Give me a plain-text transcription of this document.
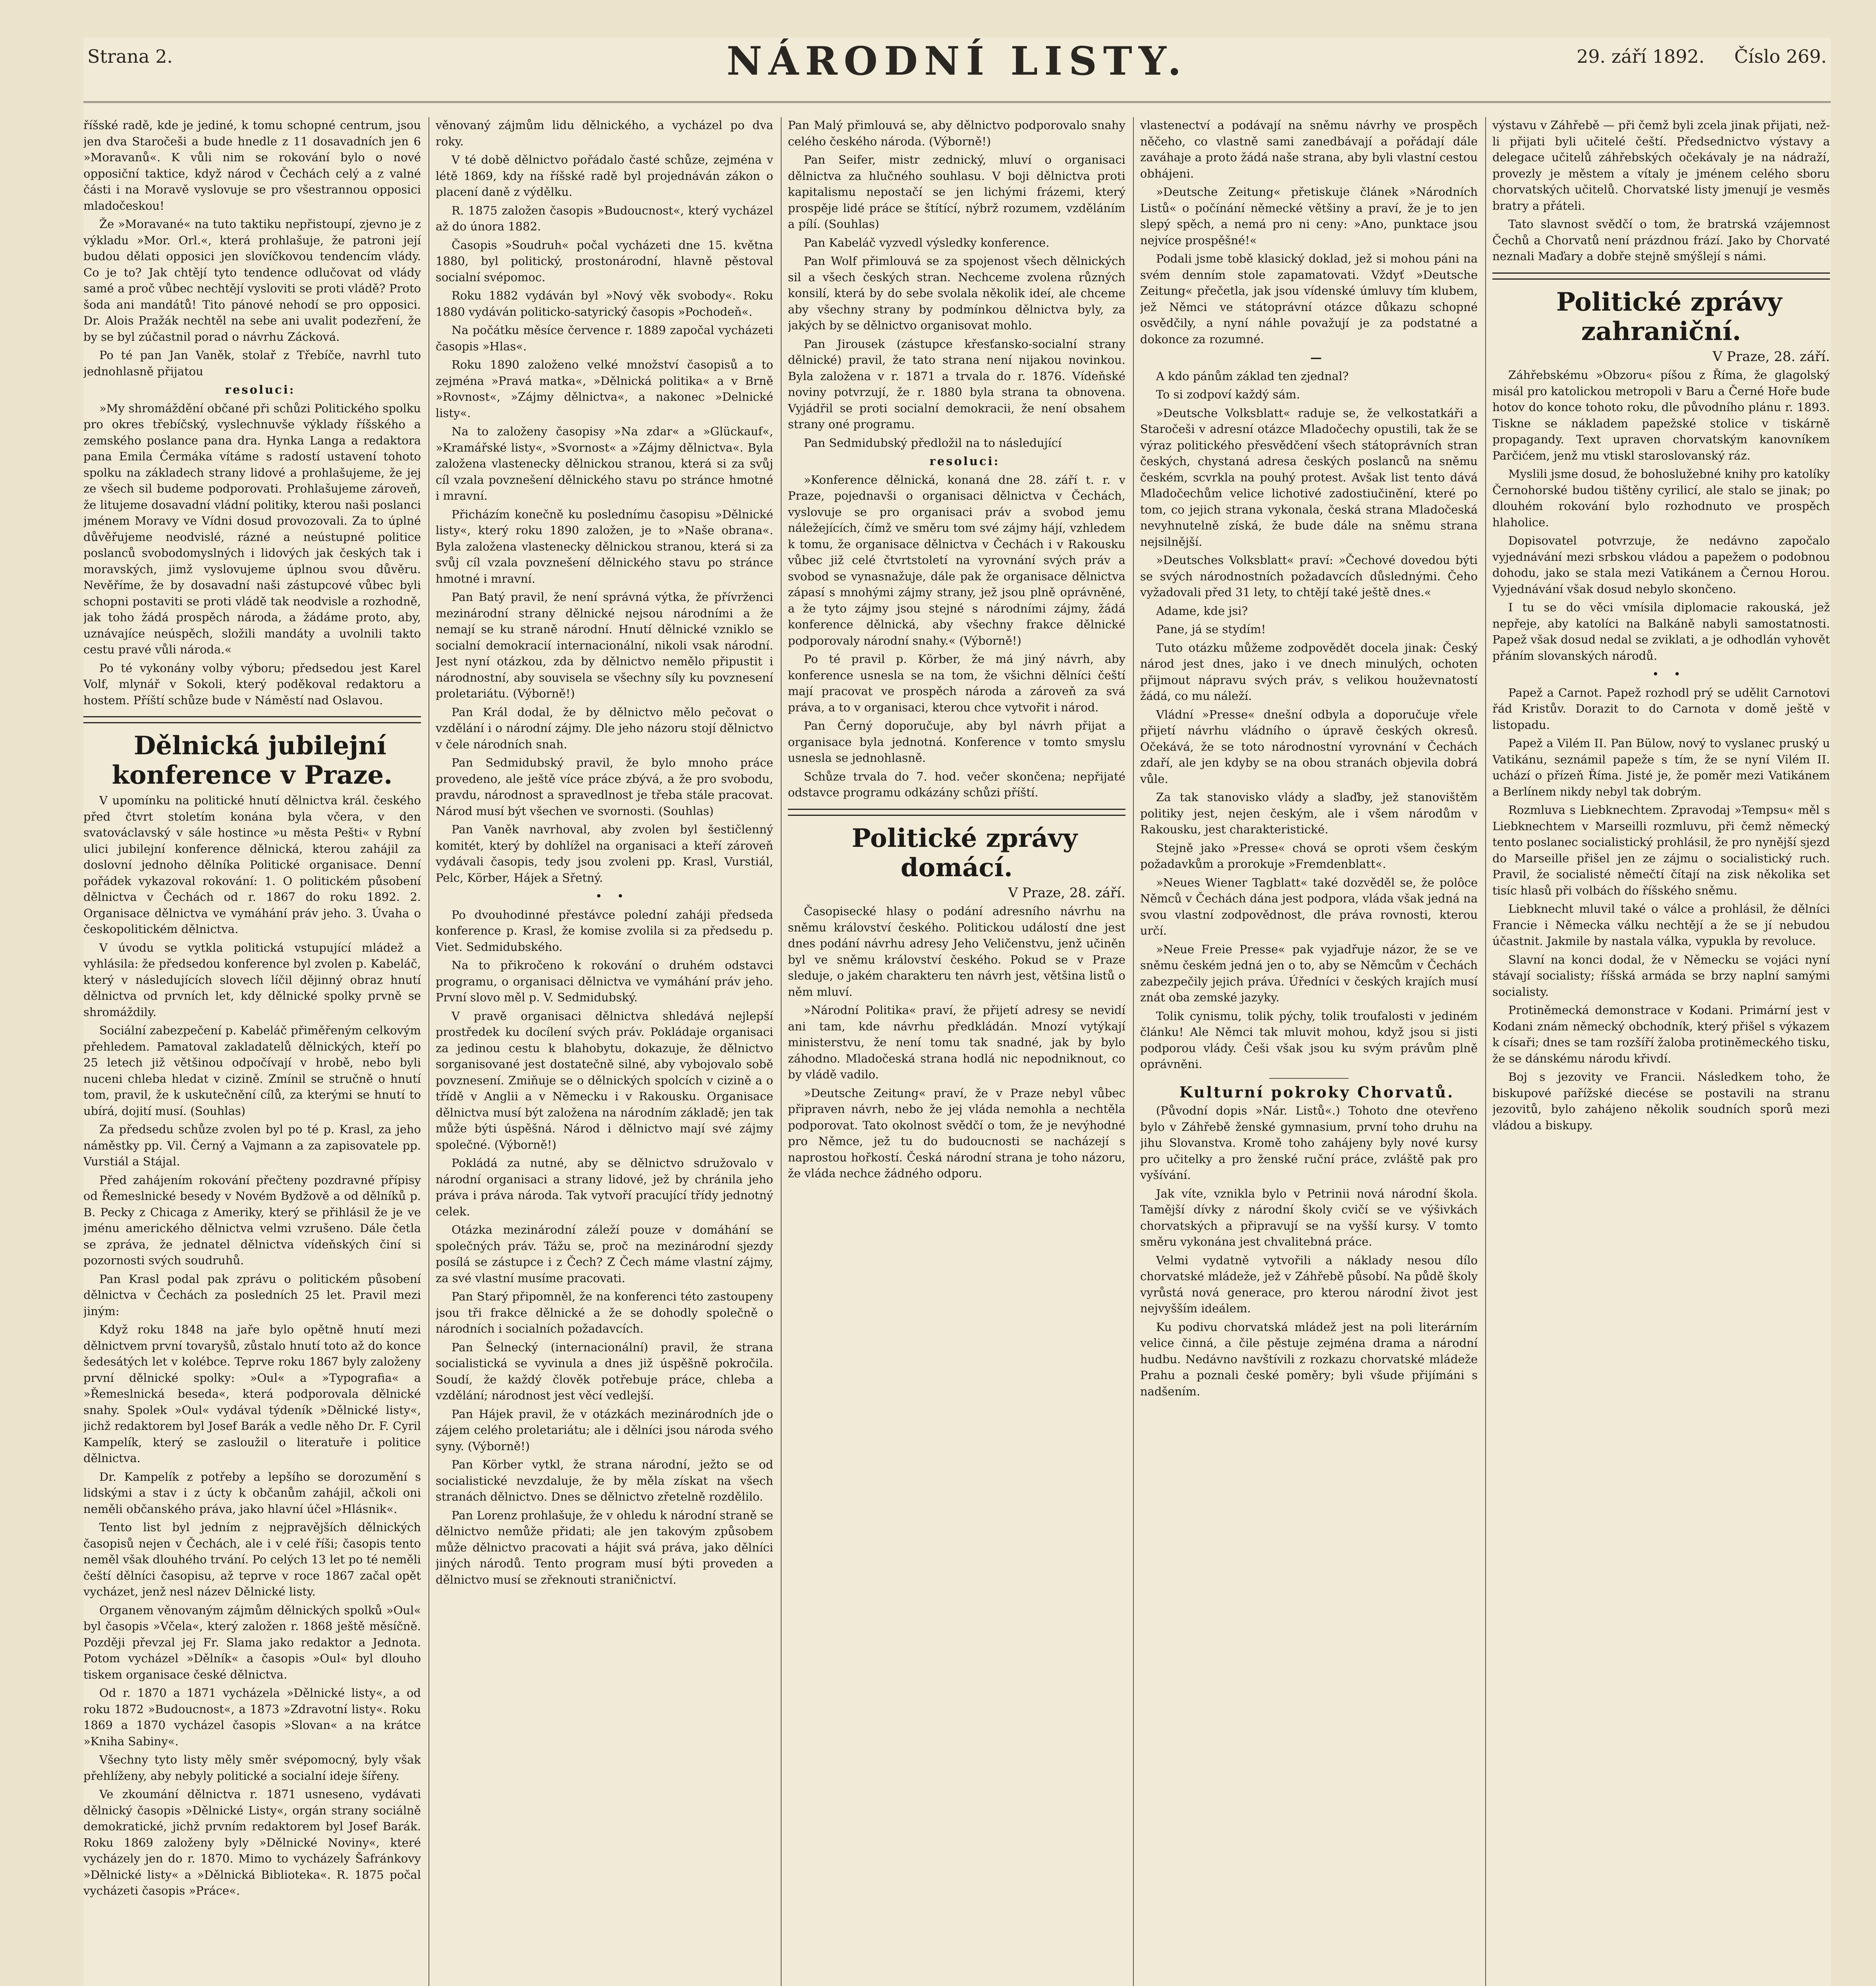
Strana 2.	NÁRODNÍ LISTY.	29. září 1892. Číslo 269.

říšské radě, kde je jediné, k tomu schopné centrum, jsou jen dva Staročeši a bude hnedle z 11 dosavadních jen 6 »Moravanů«. K vůli nim se rokování bylo o nové opposiční taktice, když národ v Čechách celý a z valné části i na Moravě vyslovuje se pro všestrannou opposici mladočeskou!

Že »Moravané« na tuto taktiku nepřistoupí, zjevno je z výkladu »Mor. Orl.«, která prohlašuje, že patroni její budou dělati opposici jen slovíčkovou tendencím vlády. Co je to? Jak chtějí tyto tendence odlučovat od vlády samé a proč vůbec nechtějí vysloviti se proti vládě? Proto šoda ani mandátů! Tito pánové nehodí se pro opposici. Dr. Alois Pražák nechtěl na sebe ani uvalit podezření, že by se byl zúčastnil porad o návrhu Zácková.

Po té pan Jan Vaněk, stolař z Třebíče, navrhl tuto jednohlasně přijatou

resoluci:

»My shromáždění občané při schůzi Politického spolku pro okres třebíčský, vyslechnuvše výklady říšského a zemského poslance pana dra. Hynka Langa a redaktora pana Emila Čermáka vítáme s radostí ustavení tohoto spolku na základech strany lidové a prohlašujeme, že jej ze všech sil budeme podporovati. Prohlašujeme zároveň, že litujeme dosavadní vládní politiky, kterou naši poslanci jménem Moravy ve Vídni dosud provozovali. Za to úplné důvěřujeme neodvislé, rázné a neústupné politice poslanců svobodomyslných i lidových jak českých tak i moravských, jimž vyslovujeme úplnou svou důvěru. Nevěříme, že by dosavadní naši zástupcové vůbec byli schopni postaviti se proti vládě tak neodvisle a rozhodně, jak toho žádá prospěch národa, a žádáme proto, aby, uznávajíce neúspěch, složili mandáty a uvolnili takto cestu pravé vůli národa.«

Po té vykonány volby výboru; předsedou jest Karel Volf, mlynář v Sokoli, který poděkoval redaktoru a hostem. Příští schůze bude v Náměstí nad Oslavou.

Dělnická jubilejní konference v Praze.

V upomínku na politické hnutí dělnictva král. českého před čtvrt stoletím konána byla včera, v den svatováclavský v sále hostince »u města Pešti« v Rybní ulici jubilejní konference dělnická, kterou zahájil za doslovní jednoho dělníka Politické organisace. Denní pořádek vykazoval rokování: 1. O politickém působení dělnictva v Čechách od r. 1867 do roku 1892. 2. Organisace dělnictva ve vymáhání práv jeho. 3. Úvaha o českopolitickém dělnictva.

V úvodu se vytkla politická vstupující mládež a vyhlásila: že předsedou konference byl zvolen p. Kabeláč, který v následujících slovech líčil dějinný obraz hnutí dělnictva od prvních let, kdy dělnické spolky prvně se shromáždily.

Sociální zabezpečení p. Kabeláč přiměřeným celkovým přehledem. Pamatoval zakladatelů dělnických, kteří po 25 letech již většinou odpočívají v hrobě, nebo byli nuceni chleba hledat v cizině. Zmínil se stručně o hnutí tom, pravil, že k uskutečnění cílů, za kterými se hnutí to ubírá, dojití musí. (Souhlas)

Za předsedu schůze zvolen byl po té p. Krasl, za jeho náměstky pp. Vil. Černý a Vajmann a za zapisovatele pp. Vurstiál a Stájal.

Před zahájením rokování přečteny pozdravné přípisy od Řemeslnické besedy v Novém Bydžově a od dělníků p. B. Pecky z Chicaga z Ameriky, který se přihlásil že je ve jménu amerického dělnictva velmi vzrušeno. Dále četla se zpráva, že jednatel dělnictva vídeňských činí si pozornosti svých soudruhů.

Pan Krasl podal pak zprávu o politickém působení dělnictva v Čechách za posledních 25 let. Pravil mezi jiným:

Když roku 1848 na jaře bylo opětně hnutí mezi dělnictvem první tovaryšů, zůstalo hnutí toto až do konce šedesátých let v kolébce. Teprve roku 1867 byly založeny první dělnické spolky: »Oul« a »Typografia« a »Řemeslnická beseda«, která podporovala dělnické snahy. Spolek »Oul« vydával týdeník »Dělnické listy«, jichž redaktorem byl Josef Barák a vedle něho Dr. F. Cyril Kampelík, který se zasloužil o literatuře i politice dělnictva.

Dr. Kampelík z potřeby a lepšího se dorozumění s lidskými a stav i z úcty k občanům zahájil, ačkoli oni neměli občanského práva, jako hlavní účel »Hlásnik«.

Tento list byl jedním z nejpravějších dělnických časopisů nejen v Čechách, ale i v celé říši; časopis tento neměl však dlouhého trvání. Po celých 13 let po té neměli čeští dělníci časopisu, až teprve v roce 1867 začal opět vycházet, jenž nesl název Dělnické listy.

Organem věnovaným zájmům dělnických spolků »Oul« byl časopis »Včela«, který založen r. 1868 ještě měsíčně. Později převzal jej Fr. Slama jako redaktor a Jednota. Potom vycházel »Dělník« a časopis »Oul« byl dlouho tiskem organisace české dělnictva.

Od r. 1870 a 1871 vycházela »Dělnické listy«, a od roku 1872 »Budoucnost«, a 1873 »Zdravotní listy«. Roku 1869 a 1870 vycházel časopis »Slovan« a na krátce »Kniha Sabiny«.

Všechny tyto listy měly směr svépomocný, byly však přehlíženy, aby nebyly politické a socialní ideje šířeny.

Ve zkoumání dělnictva r. 1871 usneseno, vydávati dělnický časopis »Dělnické Listy«, orgán strany sociálně demokratické, jichž prvním redaktorem byl Josef Barák. Roku 1869 založeny byly »Dělnické Noviny«, které vycházely jen do r. 1870. Mimo to vycházely Šafránkovy »Dělnické listy« a »Dělnická Biblioteka«. R. 1875 počal vycházeti časopis »Práce«.

věnovaný zájmům lidu dělnického, a vycházel po dva roky.

V té době dělnictvo pořádalo časté schůze, zejména v létě 1869, kdy na říšské radě byl projednáván zákon o placení daně z výdělku.

R. 1875 založen časopis »Budoucnost«, který vycházel až do února 1882.

Časopis »Soudruh« počal vycházeti dne 15. května 1880, byl politický, prostonárodní, hlavně pěstoval socialní svépomoc.

Roku 1882 vydáván byl »Nový věk svobody«. Roku 1880 vydáván politicko-satyrický časopis »Pochodeň«.

Na počátku měsíce července r. 1889 započal vycházeti časopis »Hlas«.

Roku 1890 založeno velké množství časopisů a to zejména »Pravá matka«, »Dělnická politika« a v Brně »Rovnost«, »Zájmy dělnictva«, a nakonec »Delnické listy«.

Na to založeny časopisy »Na zdar« a »Glückauf«, »Kramářské listy«, »Svornost« a »Zájmy dělnictva«. Byla založena vlastenecky dělnickou stranou, která si za svůj cíl vzala povznešení dělnického stavu po stránce hmotné i mravní.

Přicházím konečně ku poslednímu časopisu »Dělnické listy«, který roku 1890 založen, je to »Naše obrana«. Byla založena vlastenecky dělnickou stranou, která si za svůj cíl vzala povznešení dělnického stavu po stránce hmotné i mravní.

Pan Batý pravil, že není správná výtka, že přívrženci mezinárodní strany dělnické nejsou národními a že nemají se ku straně národní. Hnutí dělnické vzniklo se socialní demokracií internacionální, nikoli vsak národní. Jest nyní otázkou, zda by dělnictvo nemělo připustit i národnostní, aby souvisela se všechny síly ku povznesení proletariátu. (Výborně!)

Pan Král dodal, že by dělnictvo mělo pečovat o vzdělání i o národní zájmy. Dle jeho názoru stojí dělnictvo v čele národních snah.

Pan Sedmidubský pravil, že bylo mnoho práce provedeno, ale ještě více práce zbývá, a že pro svobodu, pravdu, národnost a spravedlnost je třeba stále pracovat. Národ musí být všechen ve svornosti. (Souhlas)

Pan Vaněk navrhoval, aby zvolen byl šestičlenný komitét, který by dohlížel na organisaci a kteří zároveň vydávali časopis, tedy jsou zvoleni pp. Krasl, Vurstiál, Pelc, Körber, Hájek a Sřetný.

• •

Po dvouhodinné přestávce polední zaháji předseda konference p. Krasl, že komise zvolila si za předsedu p. Viet. Sedmidubského.

Na to přikročeno k rokování o druhém odstavci programu, o organisaci dělnictva ve vymáhání práv jeho. První slovo měl p. V. Sedmidubský.

V pravě organisaci dělnictva shledává nejlepší prostředek ku docílení svých práv. Pokládaje organisaci za jedinou cestu k blahobytu, dokazuje, že dělnictvo sorganisované jest dostatečně silné, aby vybojovalo sobě povznesení. Zmiňuje se o dělnických spolcích v cizině a o třídě v Anglii a v Německu i v Rakousku. Organisace dělnictva musí být založena na národním základě; jen tak může býti úspěšná. Národ i dělnictvo mají své zájmy společné. (Výborně!)

Pokládá za nutné, aby se dělnictvo sdružovalo v národní organisaci a strany lidové, jež by chránila jeho práva i práva národa. Tak vytvoří pracující třídy jednotný celek.

Otázka mezinárodní záleží pouze v domáhání se společných práv. Tážu se, proč na mezinárodní sjezdy posílá se zástupce i z Čech? Z Čech máme vlastní zájmy, za své vlastní musíme pracovati.

Pan Starý připomněl, že na konferenci této zastoupeny jsou tři frakce dělnické a že se dohodly společně o národních i socialních požadavcích.

Pan Šelnecký (internacionální) pravil, že strana socialistická se vyvinula a dnes již úspěšně pokročila. Soudí, že každý člověk potřebuje práce, chleba a vzdělání; národnost jest věcí vedlejší.

Pan Hájek pravil, že v otázkách mezinárodních jde o zájem celého proletariátu; ale i dělníci jsou národa svého syny. (Výborně!)

Pan Körber vytkl, že strana národní, ježto se od socialistické nevzdaluje, že by měla získat na všech stranách dělnictvo. Dnes se dělnictvo zřetelně rozdělilo.

Pan Lorenz prohlašuje, že v ohledu k národní straně se dělnictvo nemůže přidati; ale jen takovým způsobem může dělnictvo pracovati a hájit svá práva, jako dělníci jiných národů. Tento program musí býti proveden a dělnictvo musí se zřeknouti straničnictví.

Pan Malý přimlouvá se, aby dělnictvo podporovalo snahy celého českého národa. (Výborně!)

Pan Seifer, mistr zednický, mluví o organisaci dělnictva za hlučného souhlasu. V boji dělnictva proti kapitalismu nepostačí se jen lichými frázemi, který prospěje lidé práce se štítící, nýbrž rozumem, vzděláním a pílí. (Souhlas)

Pan Kabeláč vyzvedl výsledky konference.

Pan Wolf přimlouvá se za spojenost všech dělnických sil a všech českých stran. Nechceme zvolena různých konsilí, která by do sebe svolala několik ideí, ale chceme aby všechny strany by podmínkou dělnictva byly, za jakých by se dělnictvo organisovat mohlo.

Pan Jirousek (zástupce křesťansko-socialní strany dělnické) pravil, že tato strana není nijakou novinkou. Byla založena v r. 1871 a trvala do r. 1876. Vídeňské noviny potvrzují, že r. 1880 byla strana ta obnovena. Vyjádřil se proti socialní demokracii, že není obsahem strany oné programu.

Pan Sedmidubský předložil na to následující

resoluci:

»Konference dělnická, konaná dne 28. září t. r. v Praze, pojednavši o organisaci dělnictva v Čechách, vyslovuje se pro organisaci práv a svobod jemu náležejících, čímž ve směru tom své zájmy hájí, vzhledem k tomu, že organisace dělnictva v Čechách i v Rakousku vůbec již celé čtvrtstoletí na vyrovnání svých práv a svobod se vynasnažuje, dále pak že organisace dělnictva zápasí s mnohými zájmy strany, jež jsou plně oprávněné, a že tyto zájmy jsou stejné s národními zájmy, žádá konference dělnická, aby všechny frakce dělnické podporovaly národní snahy.« (Výborně!)

Po té pravil p. Körber, že má jiný návrh, aby konference usnesla se na tom, že všichni dělníci čeští mají pracovat ve prospěch národa a zároveň za svá práva, a to v organisaci, kterou chce vytvořit i národ.

Pan Černý doporučuje, aby byl návrh přijat a organisace byla jednotná. Konference v tomto smyslu usnesla se jednohlasně.

Schůze trvala do 7. hod. večer skončena; nepřijaté odstavce programu odkázány schůzi příští.

Politické zprávy domácí.

V Praze, 28. září.

Časopisecké hlasy o podání adresního návrhu na sněmu království českého. Politickou událostí dne jest dnes podání návrhu adresy Jeho Veličenstvu, jenž učiněn byl ve sněmu království českého. Pokud se v Praze sleduje, o jakém charakteru ten návrh jest, většina listů o něm mluví.

»Národní Politika« praví, že přijetí adresy se nevidí ani tam, kde návrhu předkládán. Mnozí vytýkají ministerstvu, že není tomu tak snadné, jak by bylo záhodno. Mladočeská strana hodlá nic nepodniknout, co by vládě vadilo.

»Deutsche Zeitung« praví, že v Praze nebyl vůbec připraven návrh, nebo že jej vláda nemohla a nechtěla podporovat. Tato okolnost svědčí o tom, že je nevýhodné pro Němce, jež tu do budoucnosti se nacházejí s naprostou hořkostí. Česká národní strana je toho názoru, že vláda nechce žádného odporu.

vlastenectví a podávají na sněmu návrhy ve prospěch něčeho, co vlastně sami zanedbávají a pořádají dále zaváhaje a proto žádá naše strana, aby byli vlastní cestou obhájeni.

»Deutsche Zeitung« přetiskuje článek »Národních Listů« o počínání německé většiny a praví, že je to jen slepý spěch, a nemá pro ni ceny: »Ano, punktace jsou nejvíce prospěšné!«

Podali jsme tobě klasický doklad, jež si mohou páni na svém denním stole zapamatovati. Vždyť »Deutsche Zeitung« přečetla, jak jsou vídenské úmluvy tím klubem, jež Němci ve státoprávní otázce důkazu schopné osvědčily, a nyní náhle považují je za podstatné a dokonce za rozumné.

—

A kdo pánům základ ten zjednal?

To si zodpoví každý sám.

»Deutsche Volksblatt« raduje se, že velkostatkáři a Staročeši v adresní otázce Mladočechy opustili, tak že se výraz politického přesvědčení všech státoprávních stran českých, chystaná adresa českých poslanců na sněmu českém, scvrkla na pouhý protest. Avšak list tento dává Mladočechům velice lichotivé zadostiučinění, které po tom, co jejich strana vykonala, česká strana Mladočeská nevyhnutelně získá, že bude dále na sněmu strana nejsilnější.

»Deutsches Volksblatt« praví: »Čechové dovedou býti se svých národnostních požadavcích důslednými. Čeho vyžadovali před 31 lety, to chtějí také ještě dnes.«

Adame, kde jsi?

Pane, já se stydím!

Tuto otázku můžeme zodpovědět docela jinak: Český národ jest dnes, jako i ve dnech minulých, ochoten přijmout nápravu svých práv, s velikou houževnatostí žádá, co mu náleží.

Vládní »Presse« dnešní odbyla a doporučuje vřele přijetí návrhu vládního o úpravě českých okresů. Očekává, že se toto národnostní vyrovnání v Čechách zdaří, ale jen kdyby se na obou stranách objevila dobrá vůle.

Za tak stanovisko vlády a slaďby, jež stanovištěm politiky jest, nejen českým, ale i všem národům v Rakousku, jest charakteristické.

Stejně jako »Presse« chová se oproti všem českým požadavkům a prorokuje »Fremdenblatt«.

»Neues Wiener Tagblatt« také dozvěděl se, že polôce Němců v Čechách dána jest podpora, vláda však jedná na svou vlastní zodpovědnost, dle práva rovnosti, kterou určí.

»Neue Freie Presse« pak vyjadřuje názor, že se ve sněmu českém jedná jen o to, aby se Němcům v Čechách zabezpečily jejich práva. Úředníci v českých krajích musí znát oba zemské jazyky.

Tolik cynismu, tolik pýchy, tolik troufalosti v jediném článku! Ale Němci tak mluvit mohou, když jsou si jisti podporou vlády. Češi však jsou ku svým právům plně oprávněni.

Kulturní pokroky Chorvatů.

(Původní dopis »Nár. Listů«.) Tohoto dne otevřeno bylo v Záhřebě ženské gymnasium, první toho druhu na jihu Slovanstva. Kromě toho zahájeny byly nové kursy pro učitelky a pro ženské ruční práce, zvláště pak pro vyšívání.

Jak víte, vznikla bylo v Petrinii nová národní škola. Tamější dívky z národní školy cvičí se ve výšivkách chorvatských a připravují se na vyšší kursy. V tomto směru vykonána jest chvalitebná práce.

Velmi vydatně vytvořili a náklady nesou dílo chorvatské mládeže, jež v Záhřebě působí. Na půdě školy vyrůstá nová generace, pro kterou národní život jest nejvyšším ideálem.

Ku podivu chorvatská mládež jest na poli literárním velice činná, a čile pěstuje zejména drama a národní hudbu. Nedávno navštívili z rozkazu chorvatské mládeže Prahu a poznali české poměry; byli všude přijímáni s nadšením.

výstavu v Záhřebě — při čemž byli zcela jinak přijati, než-li přijati byli učitelé čeští. Předsednictvo výstavy a delegace učitelů záhřebských očekávaly je na nádraží, provezly je městem a vítaly je jménem celého sboru chorvatských učitelů. Chorvatské listy jmenují je vesměs bratry a přáteli.

Tato slavnost svědčí o tom, že bratrská vzájemnost Čechů a Chorvatů není prázdnou frází. Jako by Chorvaté neznali Maďary a dobře stejně smýšlejí s námi.

Politické zprávy zahraniční.

V Praze, 28. září.

Záhřebskému »Obzoru« píšou z Říma, že glagolský misál pro katolickou metropoli v Baru a Černé Hoře bude hotov do konce tohoto roku, dle původního plánu r. 1893. Tiskne se nákladem papežské stolice v tiskárně propagandy. Text upraven chorvatským kanovníkem Parčićem, jenž mu vtiskl staroslovanský ráz.

Myslili jsme dosud, že bohoslužebné knihy pro katolíky Černohorské budou tištěny cyrilicí, ale stalo se jinak; po dlouhém rokování bylo rozhodnuto ve prospěch hlaholice.

Dopisovatel potvrzuje, že nedávno započalo vyjednávání mezi srbskou vládou a papežem o podobnou dohodu, jako se stala mezi Vatikánem a Černou Horou. Vyjednávání však dosud nebylo skončeno.

I tu se do věci vmísila diplomacie rakouská, jež nepřeje, aby katolíci na Balkáně nabyli samostatnosti. Papež však dosud nedal se zviklati, a je odhodlán vyhovět přáním slovanských národů.

• •

Papež a Carnot. Papež rozhodl prý se udělit Carnotovi řád Kristův. Dorazit to do Carnota v domě ještě v listopadu.

Papež a Vilém II. Pan Bülow, nový to vyslanec pruský u Vatikánu, seznámil papeže s tím, že se nyní Vilém II. uchází o přízeň Říma. Jisté je, že poměr mezi Vatikánem a Berlínem nikdy nebyl tak dobrým.

Rozmluva s Liebknechtem. Zpravodaj »Tempsu« měl s Liebknechtem v Marseilli rozmluvu, při čemž německý tento poslanec socialistický prohlásil, že pro nynější sjezd do Marseille přišel jen ze zájmu o socialistický ruch. Pravil, že socialisté němečtí čítají na zisk několika set tisíc hlasů při volbách do říšského sněmu.

Liebknecht mluvil také o válce a prohlásil, že dělníci Francie i Německa válku nechtějí a že se jí nebudou účastnit. Jakmile by nastala válka, vypukla by revoluce.

Slavní na konci dodal, že v Německu se vojáci nyní stávají socialisty; říšská armáda se brzy naplní samými socialisty.

Protiněmecká demonstrace v Kodani. Primární jest v Kodani znám německý obchodník, který přišel s výkazem k císaři; dnes se tam rozšíří žaloba protiněmeckého tisku, že se dánskému národu křivdí.

Boj s jezovity ve Francii. Následkem toho, že biskupové pařížské diecése se postavili na stranu jezovitů, bylo zahájeno několik soudních sporů mezi vládou a biskupy.
